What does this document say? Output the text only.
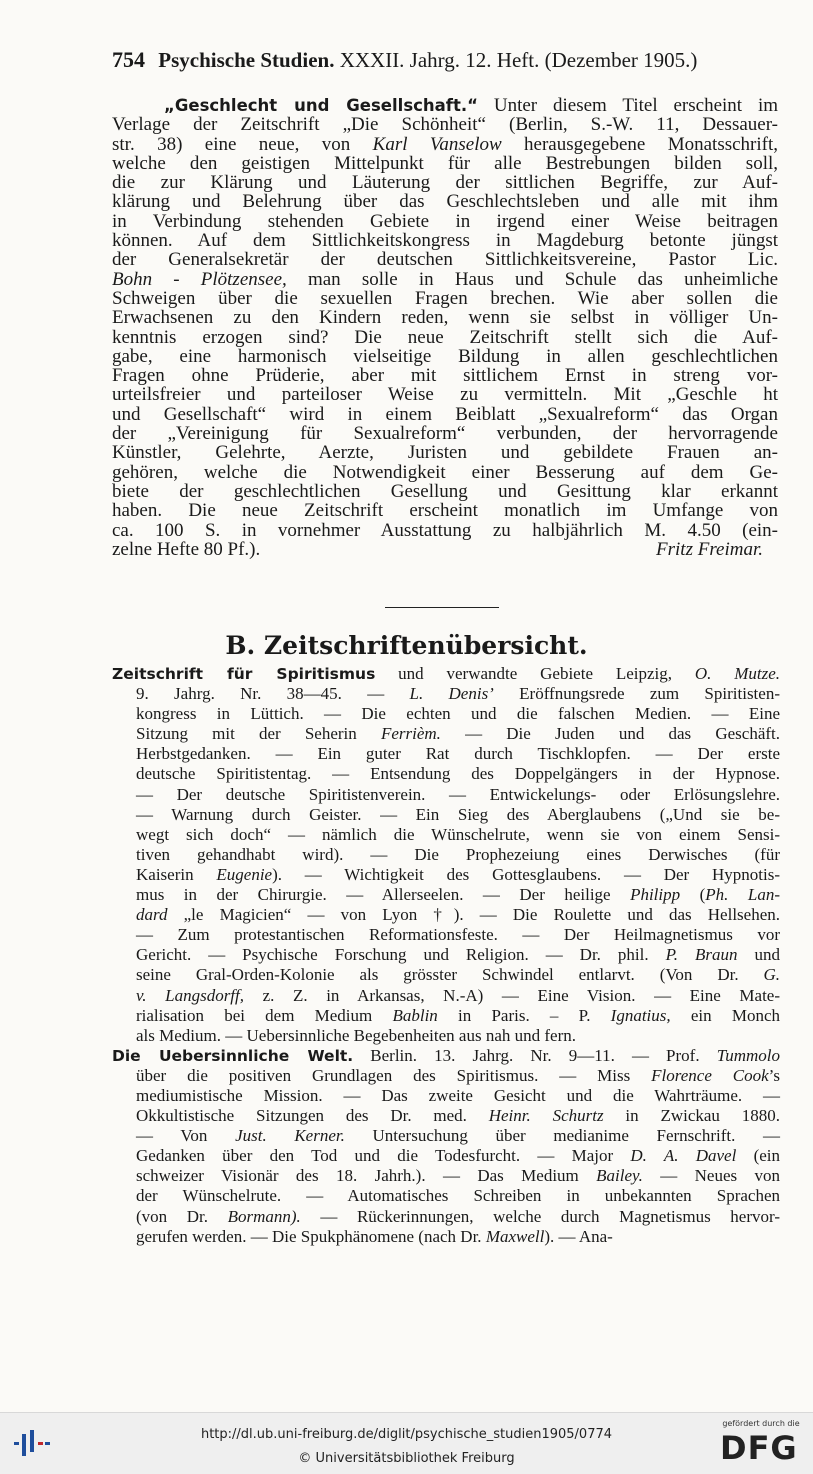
754 Psychische Studien. XXXII. Jahrg. 12. Heft. (Dezember 1905.)
„Geschlecht und Gesellschaft.“ Unter diesem Titel erscheint im
Verlage der Zeitschrift „Die Schönheit“ (Berlin, S.-W. 11, Dessauer-
str. 38) eine neue, von Karl Vanselow herausgegebene Monatsschrift,
welche den geistigen Mittelpunkt für alle Bestrebungen bilden soll,
die zur Klärung und Läuterung der sittlichen Begriffe, zur Auf-
klärung und Belehrung über das Geschlechtsleben und alle mit ihm
in Verbindung stehenden Gebiete in irgend einer Weise beitragen
können. Auf dem Sittlichkeitskongress in Magdeburg betonte jüngst
der Generalsekretär der deutschen Sittlichkeitsvereine, Pastor Lic.
Bohn - Plötzensee, man solle in Haus und Schule das unheimliche
Schweigen über die sexuellen Fragen brechen. Wie aber sollen die
Erwachsenen zu den Kindern reden, wenn sie selbst in völliger Un-
kenntnis erzogen sind? Die neue Zeitschrift stellt sich die Auf-
gabe, eine harmonisch vielseitige Bildung in allen geschlechtlichen
Fragen ohne Prüderie, aber mit sittlichem Ernst in streng vor-
urteilsfreier und parteiloser Weise zu vermitteln. Mit „Geschle ht
und Gesellschaft“ wird in einem Beiblatt „Sexualreform“ das Organ
der „Vereinigung für Sexualreform“ verbunden, der hervorragende
Künstler, Gelehrte, Aerzte, Juristen und gebildete Frauen an-
gehören, welche die Notwendigkeit einer Besserung auf dem Ge-
biete der geschlechtlichen Gesellung und Gesittung klar erkannt
haben. Die neue Zeitschrift erscheint monatlich im Umfange von
ca. 100 S. in vornehmer Ausstattung zu halbjährlich M. 4.50 (ein-
zelne Hefte 80 Pf.).	Fritz Freimar.
B. Zeitschriftenübersicht.
Zeitschrift für Spiritismus und verwandte Gebiete Leipzig, O. Mutze.
9. Jahrg. Nr. 38—45. — L. Denis’ Eröffnungsrede zum Spiritisten-
kongress in Lüttich. — Die echten und die falschen Medien. — Eine
Sitzung mit der Seherin Ferrièm. — Die Juden und das Geschäft.
Herbstgedanken. — Ein guter Rat durch Tischklopfen. — Der erste
deutsche Spiritistentag. — Entsendung des Doppelgängers in der Hypnose.
— Der deutsche Spiritistenverein. — Entwickelungs- oder Erlösungslehre.
— Warnung durch Geister. — Ein Sieg des Aberglaubens („Und sie be-
wegt sich doch“ — nämlich die Wünschelrute, wenn sie von einem Sensi-
tiven gehandhabt wird). — Die Prophezeiung eines Derwisches (für
Kaiserin Eugenie). — Wichtigkeit des Gottesglaubens. — Der Hypnotis-
mus in der Chirurgie. — Allerseelen. — Der heilige Philipp (Ph. Lan-
dard „le Magicien“ — von Lyon †). — Die Roulette und das Hellsehen.
— Zum protestantischen Reformationsfeste. — Der Heilmagnetismus vor
Gericht. — Psychische Forschung und Religion. — Dr. phil. P. Braun und
seine Gral-Orden-Kolonie als grösster Schwindel entlarvt. (Von Dr. G.
v. Langsdorff, z. Z. in Arkansas, N.-A) — Eine Vision. — Eine Mate-
rialisation bei dem Medium Bablin in Paris. – P. Ignatius, ein Monch
als Medium. — Uebersinnliche Begebenheiten aus nah und fern.
Die Uebersinnliche Welt. Berlin. 13. Jahrg. Nr. 9—11. — Prof. Tummolo
über die positiven Grundlagen des Spiritismus. — Miss Florence Cook’s
mediumistische Mission. — Das zweite Gesicht und die Wahrträume. —
Okkultistische Sitzungen des Dr. med. Heinr. Schurtz in Zwickau 1880.
— Von Just. Kerner. Untersuchung über medianime Fernschrift. —
Gedanken über den Tod und die Todesfurcht. — Major D. A. Davel (ein
schweizer Visionär des 18. Jahrh.). — Das Medium Bailey. — Neues von
der Wünschelrute. — Automatisches Schreiben in unbekannten Sprachen
(von Dr. Bormann). — Rückerinnungen, welche durch Magnetismus hervor-
gerufen werden. — Die Spukphänomene (nach Dr. Maxwell). — Ana-
http://dl.ub.uni-freiburg.de/diglit/psychische_studien1905/0774
© Universitätsbibliothek Freiburg
gefördert durch die
DFG
